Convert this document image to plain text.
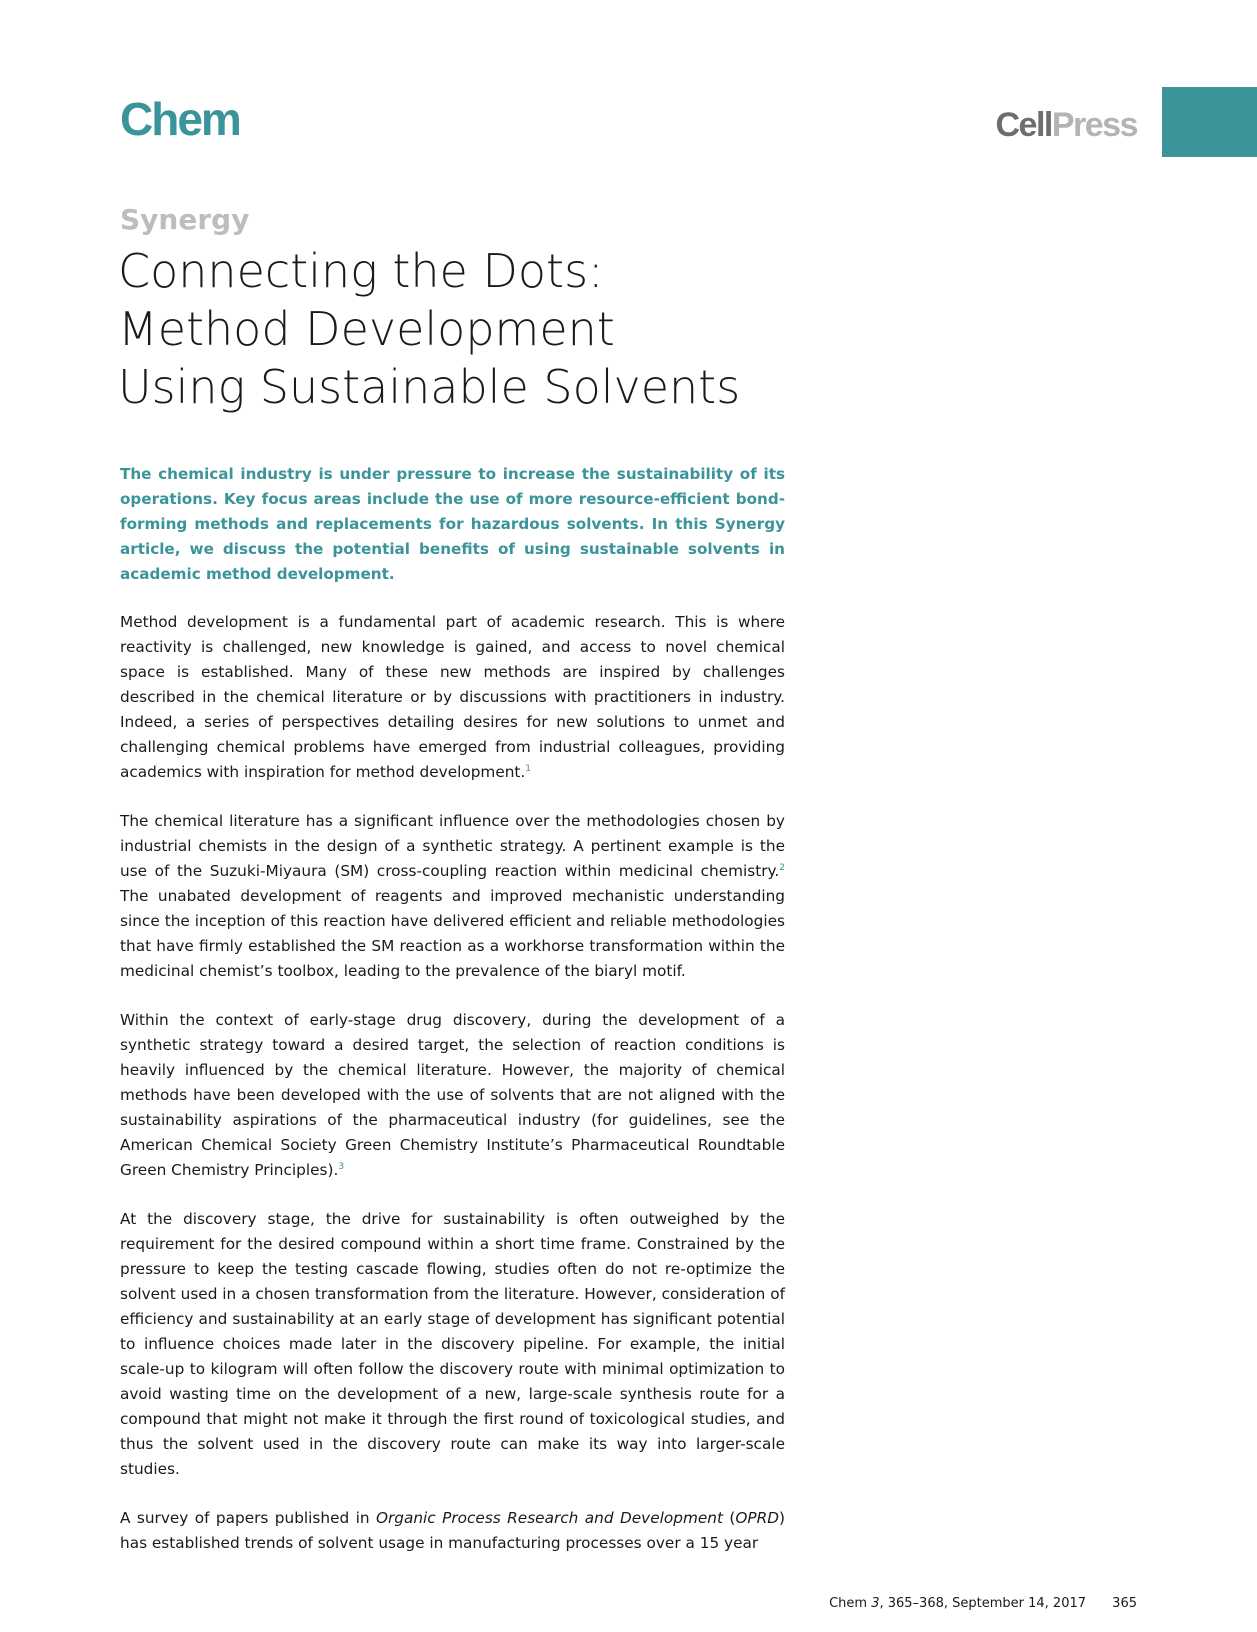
Chem	CellPress
Synergy
Connecting the Dots:
Method Development
Using Sustainable Solvents

The chemical industry is under pressure to increase the sustainability of its operations. Key focus areas include the use of more resource-efficient bond-forming methods and replacements for hazardous solvents. In this Synergy article, we discuss the potential benefits of using sustainable solvents in academic method development.

Method development is a fundamental part of academic research. This is where reactivity is challenged, new knowledge is gained, and access to novel chemical space is established. Many of these new methods are inspired by challenges described in the chemical literature or by discussions with practitioners in industry. Indeed, a series of perspectives detailing desires for new solutions to unmet and challenging chemical problems have emerged from industrial colleagues, providing academics with inspiration for method development.$^1$

The chemical literature has a significant influence over the methodologies chosen by industrial chemists in the design of a synthetic strategy. A pertinent example is the use of the Suzuki-Miyaura (SM) cross-coupling reaction within medicinal chemistry.$^2$ The unabated development of reagents and improved mechanistic understanding since the inception of this reaction have delivered efficient and reliable methodologies that have firmly established the SM reaction as a workhorse transformation within the medicinal chemist’s toolbox, leading to the prevalence of the biaryl motif.

Within the context of early-stage drug discovery, during the development of a synthetic strategy toward a desired target, the selection of reaction conditions is heavily influenced by the chemical literature. However, the majority of chemical methods have been developed with the use of solvents that are not aligned with the sustainability aspirations of the pharmaceutical industry (for guidelines, see the American Chemical Society Green Chemistry Institute’s Pharmaceutical Roundtable Green Chemistry Principles).$^3$

At the discovery stage, the drive for sustainability is often outweighed by the requirement for the desired compound within a short time frame. Constrained by the pressure to keep the testing cascade flowing, studies often do not re-optimize the solvent used in a chosen transformation from the literature. However, consideration of efficiency and sustainability at an early stage of development has significant potential to influence choices made later in the discovery pipeline. For example, the initial scale-up to kilogram will often follow the discovery route with minimal optimization to avoid wasting time on the development of a new, large-scale synthesis route for a compound that might not make it through the first round of toxicological studies, and thus the solvent used in the discovery route can make its way into larger-scale studies.

A survey of papers published in Organic Process Research and Development (OPRD) has established trends of solvent usage in manufacturing processes over a 15 year

Chem 3, 365–368, September 14, 2017 365
